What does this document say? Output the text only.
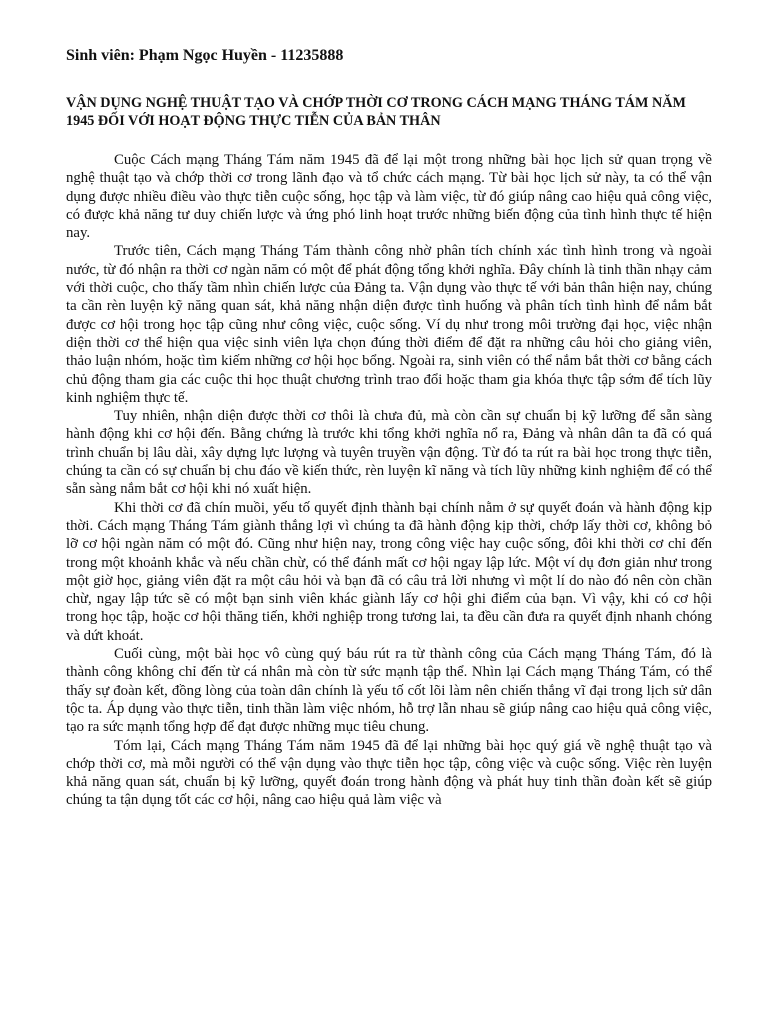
Sinh viên: Phạm Ngọc Huyền - 11235888

VẬN DỤNG NGHỆ THUẬT TẠO VÀ CHỚP THỜI CƠ TRONG CÁCH MẠNG THÁNG TÁM NĂM 1945 ĐỐI VỚI HOẠT ĐỘNG THỰC TIỄN CỦA BẢN THÂN

Cuộc Cách mạng Tháng Tám năm 1945 đã để lại một trong những bài học lịch sử quan trọng về nghệ thuật tạo và chớp thời cơ trong lãnh đạo và tổ chức cách mạng. Từ bài học lịch sử này, ta có thể vận dụng được nhiều điều vào thực tiễn cuộc sống, học tập và làm việc, từ đó giúp nâng cao hiệu quả công việc, có được khả năng tư duy chiến lược và ứng phó linh hoạt trước những biến động của tình hình thực tế hiện nay.

Trước tiên, Cách mạng Tháng Tám thành công nhờ phân tích chính xác tình hình trong và ngoài nước, từ đó nhận ra thời cơ ngàn năm có một để phát động tổng khởi nghĩa. Đây chính là tinh thần nhạy cảm với thời cuộc, cho thấy tầm nhìn chiến lược của Đảng ta. Vận dụng vào thực tế với bản thân hiện nay, chúng ta cần rèn luyện kỹ năng quan sát, khả năng nhận diện được tình huống và phân tích tình hình để nắm bắt được cơ hội trong học tập cũng như công việc, cuộc sống. Ví dụ như trong môi trường đại học, việc nhận diện thời cơ thể hiện qua việc sinh viên lựa chọn đúng thời điểm để đặt ra những câu hỏi cho giảng viên, thảo luận nhóm, hoặc tìm kiếm những cơ hội học bổng. Ngoài ra, sinh viên có thể nắm bắt thời cơ bằng cách chủ động tham gia các cuộc thi học thuật chương trình trao đổi hoặc tham gia khóa thực tập sớm để tích lũy kinh nghiệm thực tế.

Tuy nhiên, nhận diện được thời cơ thôi là chưa đủ, mà còn cần sự chuẩn bị kỹ lưỡng để sẵn sàng hành động khi cơ hội đến. Bằng chứng là trước khi tổng khởi nghĩa nổ ra, Đảng và nhân dân ta đã có quá trình chuẩn bị lâu dài, xây dựng lực lượng và tuyên truyền vận động. Từ đó ta rút ra bài học trong thực tiễn, chúng ta cần có sự chuẩn bị chu đáo về kiến thức, rèn luyện kĩ năng và tích lũy những kinh nghiệm để có thể sẵn sàng nắm bắt cơ hội khi nó xuất hiện.

Khi thời cơ đã chín muồi, yếu tố quyết định thành bại chính nằm ở sự quyết đoán và hành động kịp thời. Cách mạng Tháng Tám giành thắng lợi vì chúng ta đã hành động kịp thời, chớp lấy thời cơ, không bỏ lỡ cơ hội ngàn năm có một đó. Cũng như hiện nay, trong công việc hay cuộc sống, đôi khi thời cơ chỉ đến trong một khoảnh khắc và nếu chần chừ, có thể đánh mất cơ hội ngay lập lức. Một ví dụ đơn giản như trong một giờ học, giảng viên đặt ra một câu hỏi và bạn đã có câu trả lời nhưng vì một lí do nào đó nên còn chần chừ, ngay lập tức sẽ có một bạn sinh viên khác giành lấy cơ hội ghi điểm của bạn. Vì vậy, khi có cơ hội trong học tập, hoặc cơ hội thăng tiến, khởi nghiệp trong tương lai, ta đều cần đưa ra quyết định nhanh chóng và dứt khoát.

Cuối cùng, một bài học vô cùng quý báu rút ra từ thành công của Cách mạng Tháng Tám, đó là thành công không chỉ đến từ cá nhân mà còn từ sức mạnh tập thể. Nhìn lại Cách mạng Tháng Tám, có thể thấy sự đoàn kết, đồng lòng của toàn dân chính là yếu tố cốt lõi làm nên chiến thắng vĩ đại trong lịch sử dân tộc ta. Áp dụng vào thực tiễn, tinh thần làm việc nhóm, hỗ trợ lẫn nhau sẽ giúp nâng cao hiệu quả công việc, tạo ra sức mạnh tổng hợp để đạt được những mục tiêu chung.

Tóm lại, Cách mạng Tháng Tám năm 1945 đã để lại những bài học quý giá về nghệ thuật tạo và chớp thời cơ, mà mỗi người có thể vận dụng vào thực tiễn học tập, công việc và cuộc sống. Việc rèn luyện khả năng quan sát, chuẩn bị kỹ lưỡng, quyết đoán trong hành động và phát huy tinh thần đoàn kết sẽ giúp chúng ta tận dụng tốt các cơ hội, nâng cao hiệu quả làm việc và
